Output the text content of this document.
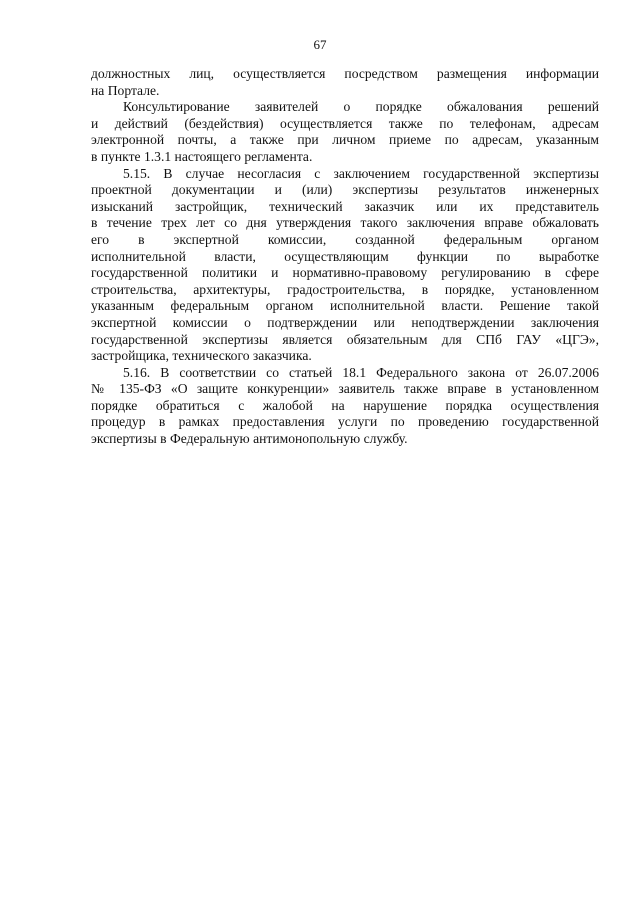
67

должностных лиц, осуществляется посредством размещения информации
на Портале.

Консультирование заявителей о порядке обжалования решений
и действий (бездействия) осуществляется также по телефонам, адресам
электронной почты, а также при личном приеме по адресам, указанным
в пункте 1.3.1 настоящего регламента.

5.15. В случае несогласия с заключением государственной экспертизы
проектной документации и (или) экспертизы результатов инженерных
изысканий застройщик, технический заказчик или их представитель
в течение трех лет со дня утверждения такого заключения вправе обжаловать
его в экспертной комиссии, созданной федеральным органом
исполнительной власти, осуществляющим функции по выработке
государственной политики и нормативно-правовому регулированию в сфере
строительства, архитектуры, градостроительства, в порядке, установленном
указанным федеральным органом исполнительной власти. Решение такой
экспертной комиссии о подтверждении или неподтверждении заключения
государственной экспертизы является обязательным для СПб ГАУ «ЦГЭ»,
застройщика, технического заказчика.

5.16. В соответствии со статьей 18.1 Федерального закона от 26.07.2006
№ 135-ФЗ «О защите конкуренции» заявитель также вправе в установленном
порядке обратиться с жалобой на нарушение порядка осуществления
процедур в рамках предоставления услуги по проведению государственной
экспертизы в Федеральную антимонопольную службу.
